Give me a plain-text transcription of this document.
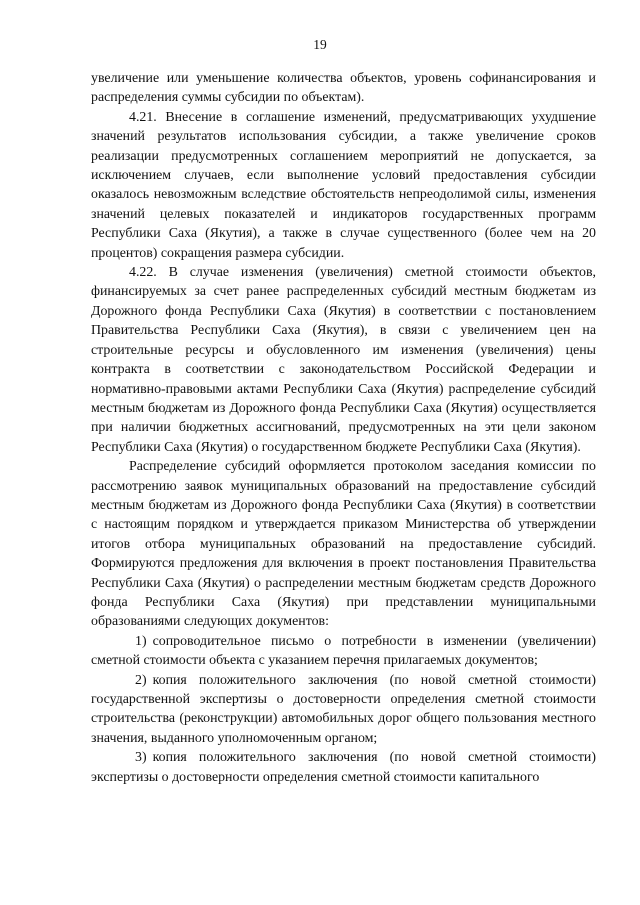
19

увеличение или уменьшение количества объектов, уровень софинансирования и распределения суммы субсидии по объектам).

4.21. Внесение в соглашение изменений, предусматривающих ухудшение значений результатов использования субсидии, а также увеличение сроков реализации предусмотренных соглашением мероприятий не допускается, за исключением случаев, если выполнение условий предоставления субсидии оказалось невозможным вследствие обстоятельств непреодолимой силы, изменения значений целевых показателей и индикаторов государственных программ Республики Саха (Якутия), а также в случае существенного (более чем на 20 процентов) сокращения размера субсидии.

4.22. В случае изменения (увеличения) сметной стоимости объектов, финансируемых за счет ранее распределенных субсидий местным бюджетам из Дорожного фонда Республики Саха (Якутия) в соответствии с постановлением Правительства Республики Саха (Якутия), в связи с увеличением цен на строительные ресурсы и обусловленного им изменения (увеличения) цены контракта в соответствии с законодательством Российской Федерации и нормативно-правовыми актами Республики Саха (Якутия) распределение субсидий местным бюджетам из Дорожного фонда Республики Саха (Якутия) осуществляется при наличии бюджетных ассигнований, предусмотренных на эти цели законом Республики Саха (Якутия) о государственном бюджете Республики Саха (Якутия).

Распределение субсидий оформляется протоколом заседания комиссии по рассмотрению заявок муниципальных образований на предоставление субсидий местным бюджетам из Дорожного фонда Республики Саха (Якутия) в соответствии с настоящим порядком и утверждается приказом Министерства об утверждении итогов отбора муниципальных образований на предоставление субсидий. Формируются предложения для включения в проект постановления Правительства Республики Саха (Якутия) о распределении местным бюджетам средств Дорожного фонда Республики Саха (Якутия) при представлении муниципальными образованиями следующих документов:

1) сопроводительное письмо о потребности в изменении (увеличении) сметной стоимости объекта с указанием перечня прилагаемых документов;

2) копия положительного заключения (по новой сметной стоимости) государственной экспертизы о достоверности определения сметной стоимости строительства (реконструкции) автомобильных дорог общего пользования местного значения, выданного уполномоченным органом;

3) копия положительного заключения (по новой сметной стоимости) экспертизы о достоверности определения сметной стоимости капитального
